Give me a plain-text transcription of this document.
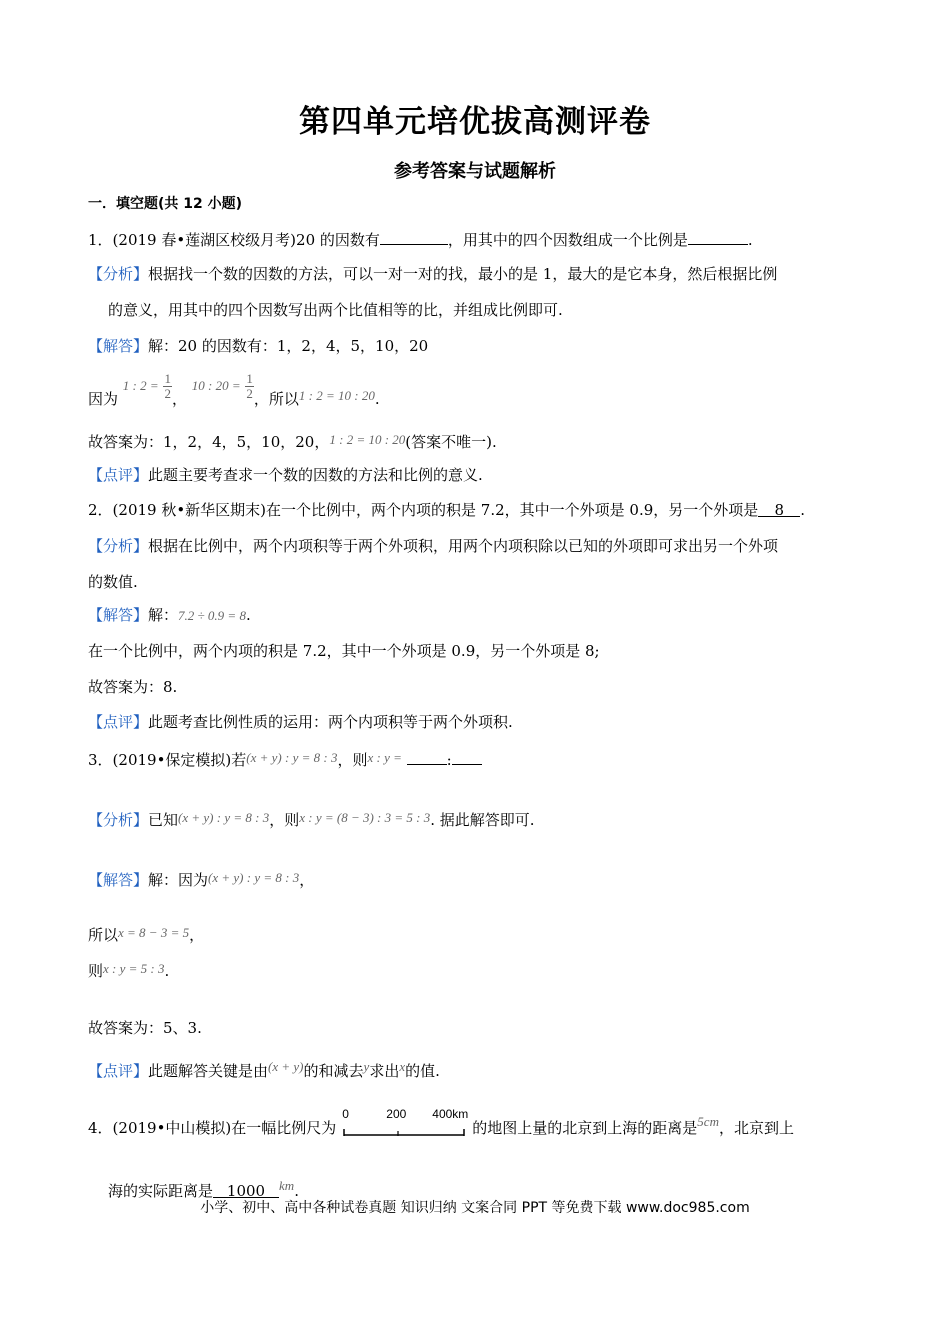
第四单元培优拔高测评卷
参考答案与试题解析
一．填空题(共 12 小题)
1．(2019 春•莲湖区校级月考)20 的因数有	，用其中的四个因数组成一个比例是	.
【分析】根据找一个数的因数的方法，可以一对一对的找，最小的是 1，最大的是它本身，然后根据比例
的意义，用其中的四个因数写出两个比值相等的比，并组成比例即可.
【解答】解：20 的因数有：1，2，4，5，10，20
因为 1 : $2 = \frac{1}{2}$ ， 10 : $20 = \frac{1}{2}$ ，所以1 : 2 = 10 : 20.
故答案为：1，2，4，5，10，20，1 : 2 = 10 : 20(答案不唯一).
【点评】此题主要考查求一个数的因数的方法和比例的意义.
2．(2019 秋•新华区期末)在一个比例中，两个内项的积是 7.2，其中一个外项是 0.9，另一个外项是 8 .
【分析】根据在比例中，两个内项积等于两个外项积，用两个内项积除以已知的外项即可求出另一个外项
的数值.
【解答】解：7.2 ÷ 0.9 = 8.
在一个比例中，两个内项的积是 7.2，其中一个外项是 0.9，另一个外项是 8;
故答案为：8.
【点评】此题考查比例性质的运用：两个内项积等于两个外项积.
3．(2019•保定模拟)若(x + y) : y = 8 : 3，则x : y =	:
【分析】已知(x + y) : y = 8 : 3，则x : y = (8 − 3) : 3 = 5 : 3. 据此解答即可.
【解答】解：因为(x + y) : y = 8 : 3，
所以x = 8 − 3 = 5，
则x : y = 5 : 3.
故答案为：5、3.
【点评】此题解答关键是由(x + y)的和减去y求出x的值.
4．(2019•中山模拟)在一幅比例尺为
0	200 400km
的地图上量的北京到上海的距离是5cm，北京到上
海的实际距离是 1000 km.
小学、初中、高中各种试卷真题 知识归纳 文案合同 PPT 等免费下载 www.doc985.com
